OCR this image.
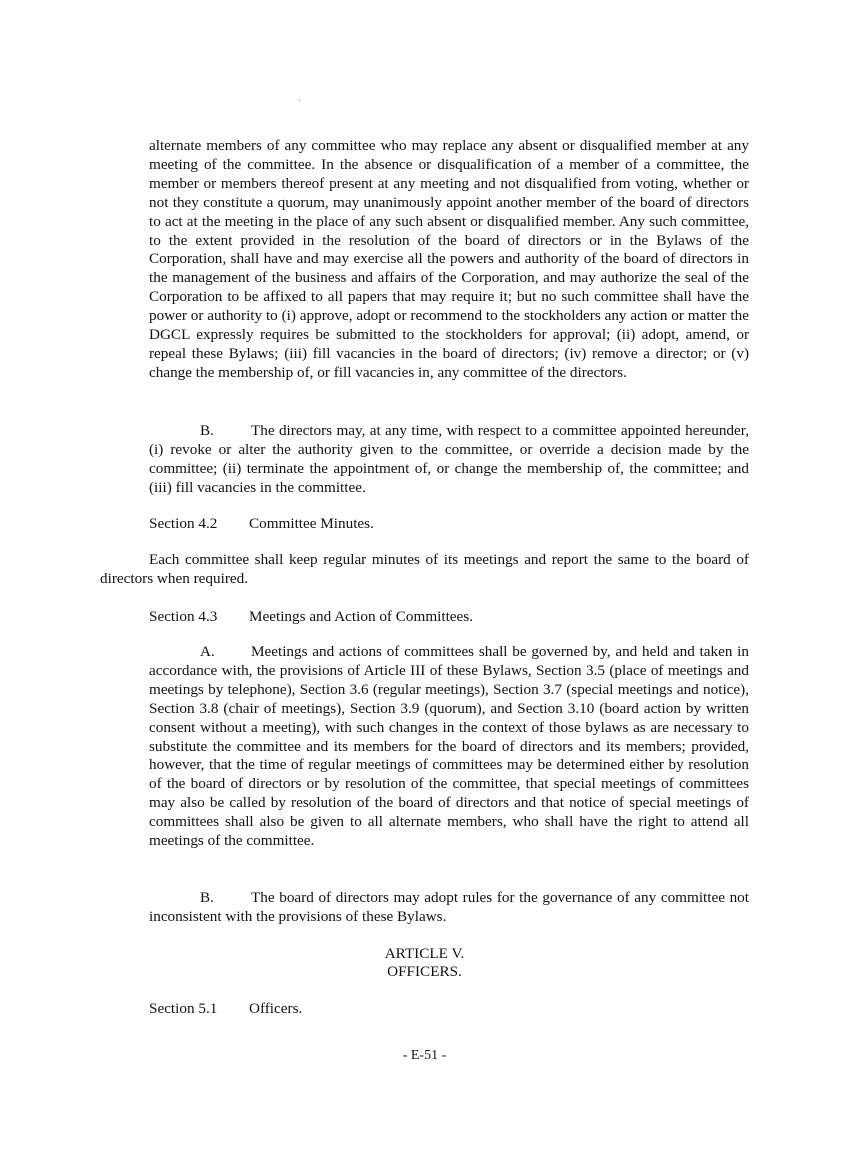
alternate members of any committee who may replace any absent or disqualified member at any meeting of the committee. In the absence or disqualification of a member of a committee, the member or members thereof present at any meeting and not disqualified from voting, whether or not they constitute a quorum, may unanimously appoint another member of the board of directors to act at the meeting in the place of any such absent or disqualified member. Any such committee, to the extent provided in the resolution of the board of directors or in the Bylaws of the Corporation, shall have and may exercise all the powers and authority of the board of directors in the management of the business and affairs of the Corporation, and may authorize the seal of the Corporation to be affixed to all papers that may require it; but no such committee shall have the power or authority to (i) approve, adopt or recommend to the stockholders any action or matter the DGCL expressly requires be submitted to the stockholders for approval; (ii) adopt, amend, or repeal these Bylaws; (iii) fill vacancies in the board of directors; (iv) remove a director; or (v) change the membership of, or fill vacancies in, any committee of the directors.

B. The directors may, at any time, with respect to a committee appointed hereunder, (i) revoke or alter the authority given to the committee, or override a decision made by the committee; (ii) terminate the appointment of, or change the membership of, the committee; and (iii) fill vacancies in the committee.

Section 4.2 Committee Minutes.

Each committee shall keep regular minutes of its meetings and report the same to the board of directors when required.

Section 4.3 Meetings and Action of Committees.

A. Meetings and actions of committees shall be governed by, and held and taken in accordance with, the provisions of Article III of these Bylaws, Section 3.5 (place of meetings and meetings by telephone), Section 3.6 (regular meetings), Section 3.7 (special meetings and notice), Section 3.8 (chair of meetings), Section 3.9 (quorum), and Section 3.10 (board action by written consent without a meeting), with such changes in the context of those bylaws as are necessary to substitute the committee and its members for the board of directors and its members; provided, however, that the time of regular meetings of committees may be determined either by resolution of the board of directors or by resolution of the committee, that special meetings of committees may also be called by resolution of the board of directors and that notice of special meetings of committees shall also be given to all alternate members, who shall have the right to attend all meetings of the committee.

B. The board of directors may adopt rules for the governance of any committee not inconsistent with the provisions of these Bylaws.

ARTICLE V.

OFFICERS.

Section 5.1 Officers.

- E-51 -
